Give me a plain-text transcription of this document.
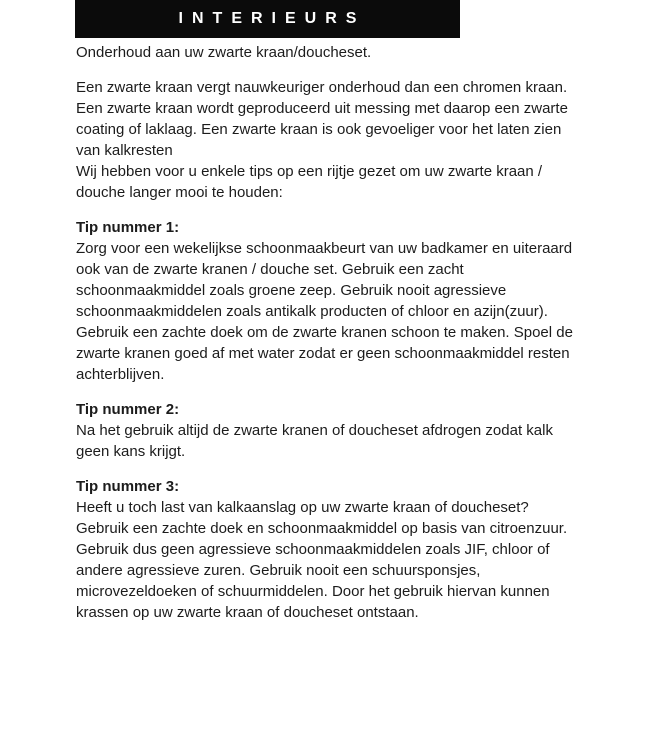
INTERIEURS

Onderhoud aan uw zwarte kraan/doucheset.

Een zwarte kraan vergt nauwkeuriger onderhoud dan een chromen kraan. Een zwarte kraan wordt geproduceerd uit messing met daarop een zwarte coating of laklaag. Een zwarte kraan is ook gevoeliger voor het laten zien van kalkresten

Wij hebben voor u enkele tips op een rijtje gezet om uw zwarte kraan / douche langer mooi te houden:

Tip nummer 1:

Zorg voor een wekelijkse schoonmaakbeurt van uw badkamer en uiteraard ook van de zwarte kranen / douche set. Gebruik een zacht schoonmaakmiddel zoals groene zeep. Gebruik nooit agressieve schoonmaakmiddelen zoals antikalk producten of chloor en azijn(zuur).

Gebruik een zachte doek om de zwarte kranen schoon te maken. Spoel de zwarte kranen goed af met water zodat er geen schoonmaakmiddel resten achterblijven.

Tip nummer 2:

Na het gebruik altijd de zwarte kranen of doucheset afdrogen zodat kalk geen kans krijgt.

Tip nummer 3:

Heeft u toch last van kalkaanslag op uw zwarte kraan of doucheset? Gebruik een zachte doek en schoonmaakmiddel op basis van citroenzuur. Gebruik dus geen agressieve schoonmaakmiddelen zoals JIF, chloor of andere agressieve zuren. Gebruik nooit een schuursponsjes, microvezeldoeken of schuurmiddelen. Door het gebruik hiervan kunnen krassen op uw zwarte kraan of doucheset ontstaan.
